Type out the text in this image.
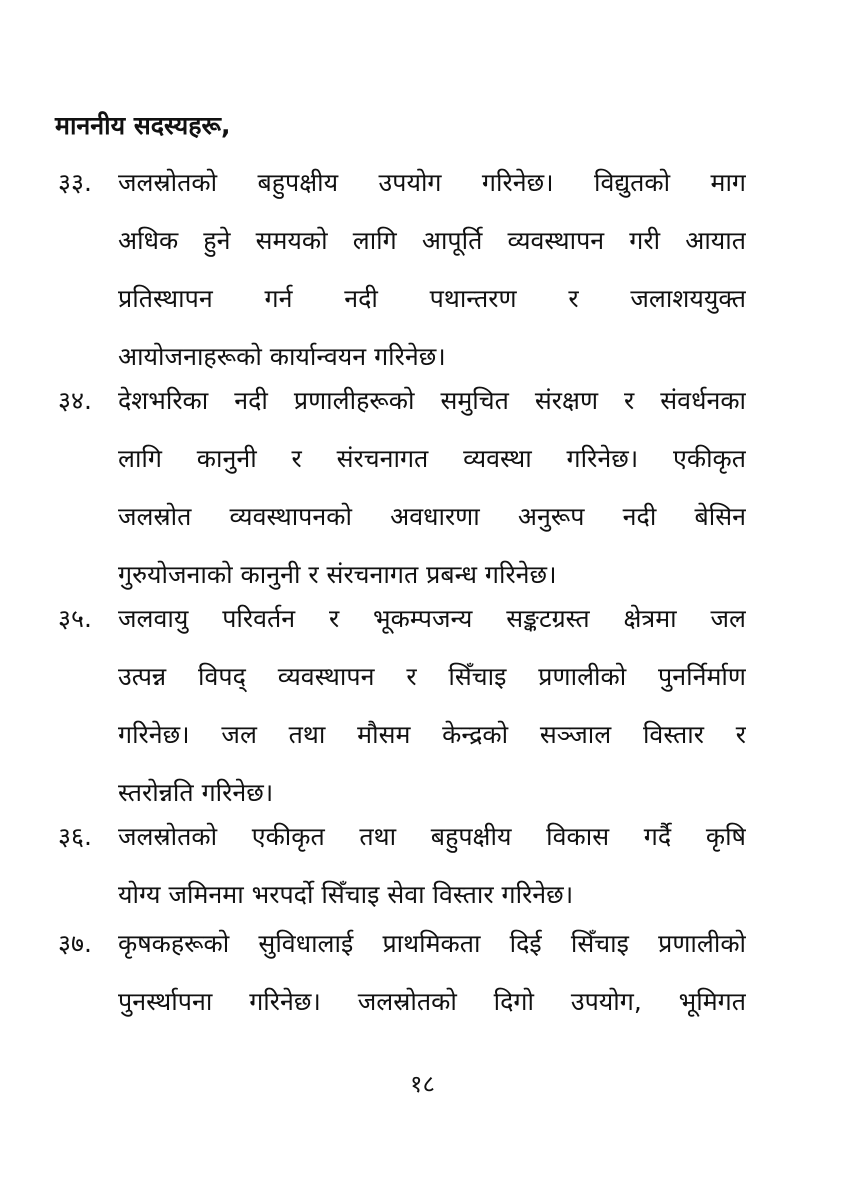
माननीय सदस्यहरू,
३३. जलस्रोतको बहुपक्षीय उपयोग गरिनेछ। विद्युतको माग
अधिक हुने समयको लागि आपूर्ति व्यवस्थापन गरी आयात
प्रतिस्थापन गर्न नदी पथान्तरण र जलाशययुक्त
आयोजनाहरूको कार्यान्वयन गरिनेछ।
३४. देशभरिका नदी प्रणालीहरूको समुचित संरक्षण र संवर्धनका
लागि कानुनी र संरचनागत व्यवस्था गरिनेछ। एकीकृत
जलस्रोत व्यवस्थापनको अवधारणा अनुरूप नदी बेसिन
गुरुयोजनाको कानुनी र संरचनागत प्रबन्ध गरिनेछ।
३५. जलवायु परिवर्तन र भूकम्पजन्य सङ्कटग्रस्त क्षेत्रमा जल
उत्पन्न विपद् व्यवस्थापन र सिँचाइ प्रणालीको पुनर्निर्माण
गरिनेछ। जल तथा मौसम केन्द्रको सञ्जाल विस्तार र
स्तरोन्नति गरिनेछ।
३६. जलस्रोतको एकीकृत तथा बहुपक्षीय विकास गर्दै कृषि
योग्य जमिनमा भरपर्दो सिँचाइ सेवा विस्तार गरिनेछ।
३७. कृषकहरूको सुविधालाई प्राथमिकता दिई सिँचाइ प्रणालीको
पुनर्स्थापना गरिनेछ। जलस्रोतको दिगो उपयोग, भूमिगत
१८
